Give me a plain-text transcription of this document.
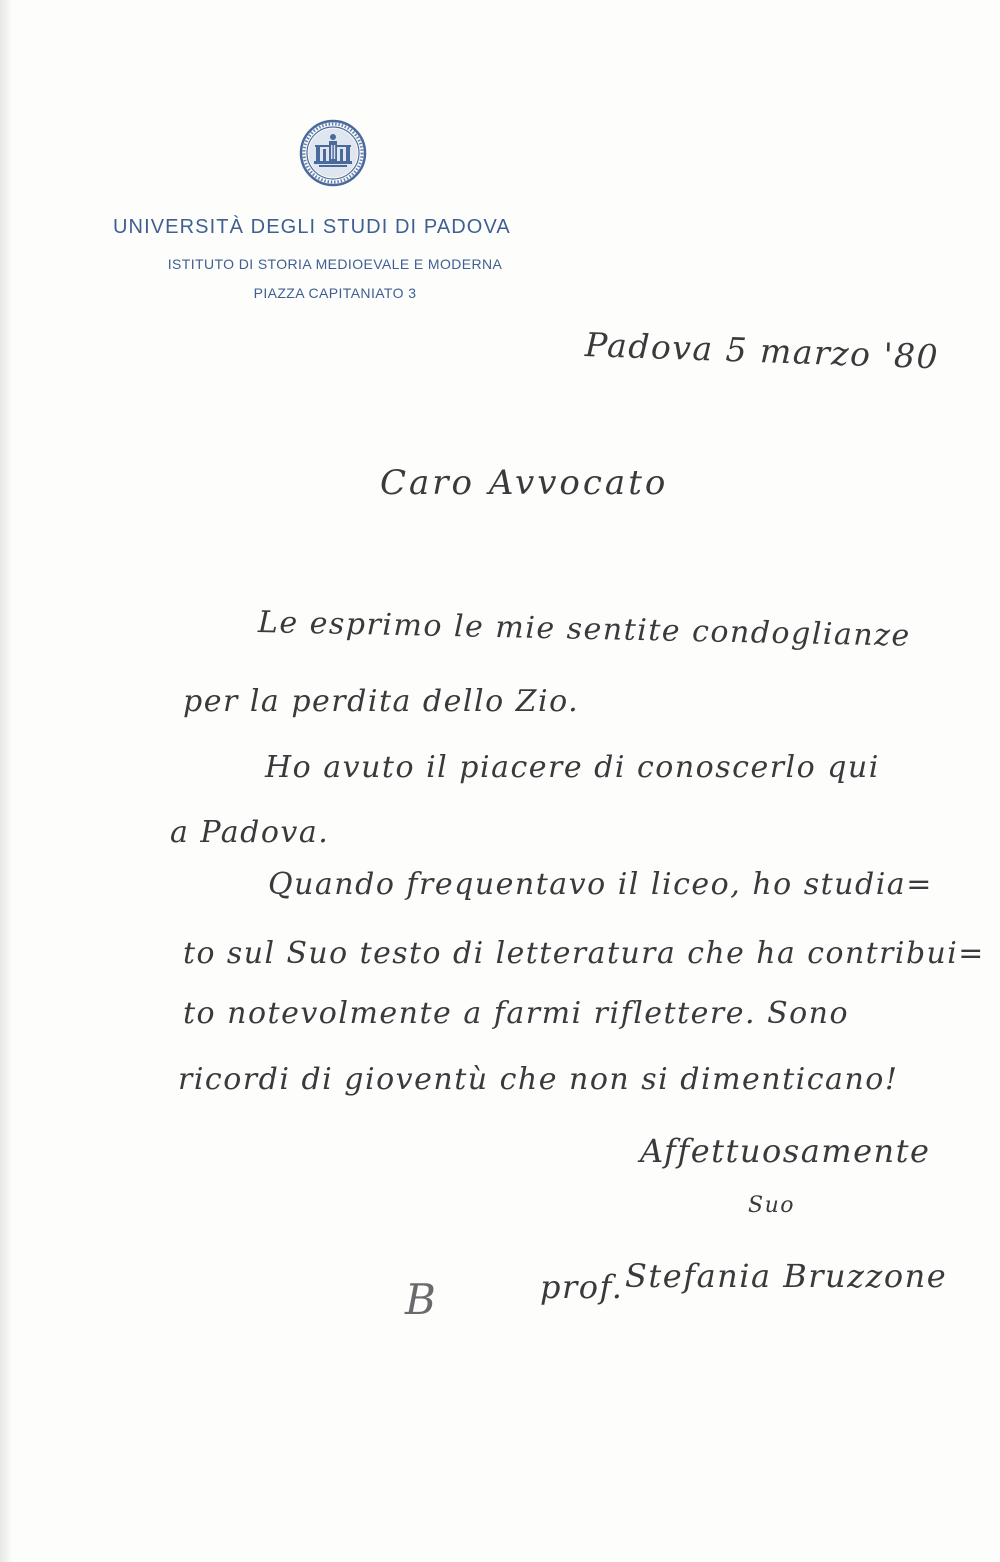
UNIVERSITÀ DEGLI STUDI DI PADOVA
ISTITUTO DI STORIA MEDIOEVALE E MODERNA
PIAZZA CAPITANIATO 3
Padova 5 marzo '80
Caro Avvocato
Le esprimo le mie sentite condoglianze
per la perdita dello Zio.
Ho avuto il piacere di conoscerlo qui
a Padova.
Quando frequentavo il liceo, ho studia=
to sul Suo testo di letteratura che ha contribui=
to notevolmente a farmi riflettere. Sono
ricordi di gioventù che non si dimenticano!
Affettuosamente
Suo
B	prof. Stefania Bruzzone
